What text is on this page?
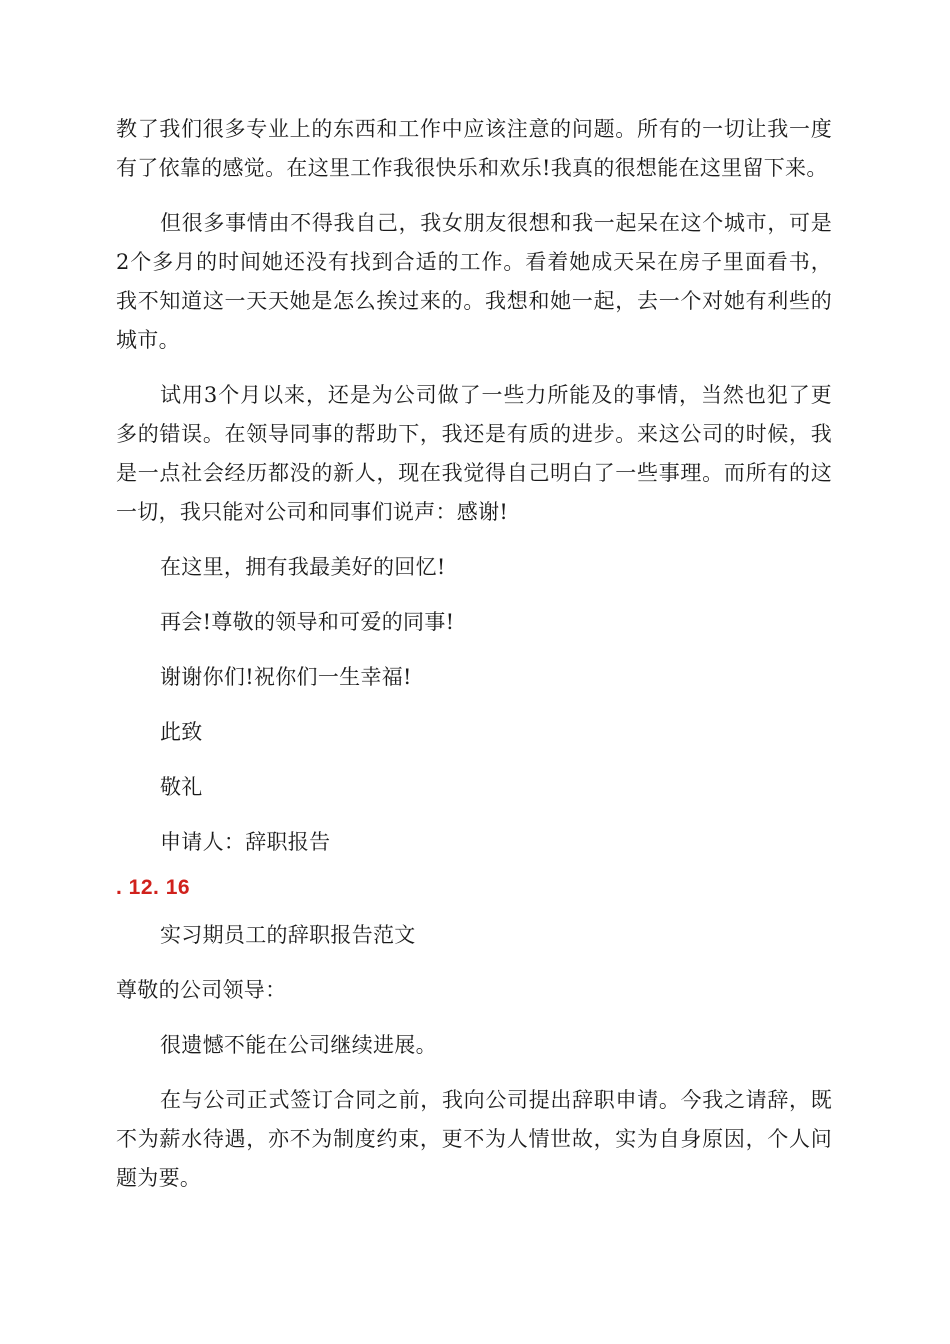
教了我们很多专业上的东西和工作中应该注意的问题。所有的一切让我一度有了依靠的感觉。在这里工作我很快乐和欢乐!我真的很想能在这里留下来。

但很多事情由不得我自己，我女朋友很想和我一起呆在这个城市，可是2个多月的时间她还没有找到合适的工作。看着她成天呆在房子里面看书，我不知道这一天天她是怎么挨过来的。我想和她一起，去一个对她有利些的城市。

试用3个月以来，还是为公司做了一些力所能及的事情，当然也犯了更多的错误。在领导同事的帮助下，我还是有质的进步。来这公司的时候，我是一点社会经历都没的新人，现在我觉得自己明白了一些事理。而所有的这一切，我只能对公司和同事们说声：感谢!

在这里，拥有我最美好的回忆!

再会!尊敬的领导和可爱的同事!

谢谢你们!祝你们一生幸福!

此致

敬礼

申请人：辞职报告

. 12. 16

实习期员工的辞职报告范文

尊敬的公司领导：

很遗憾不能在公司继续进展。

在与公司正式签订合同之前，我向公司提出辞职申请。今我之请辞，既不为薪水待遇，亦不为制度约束，更不为人情世故，实为自身原因，个人问题为要。
